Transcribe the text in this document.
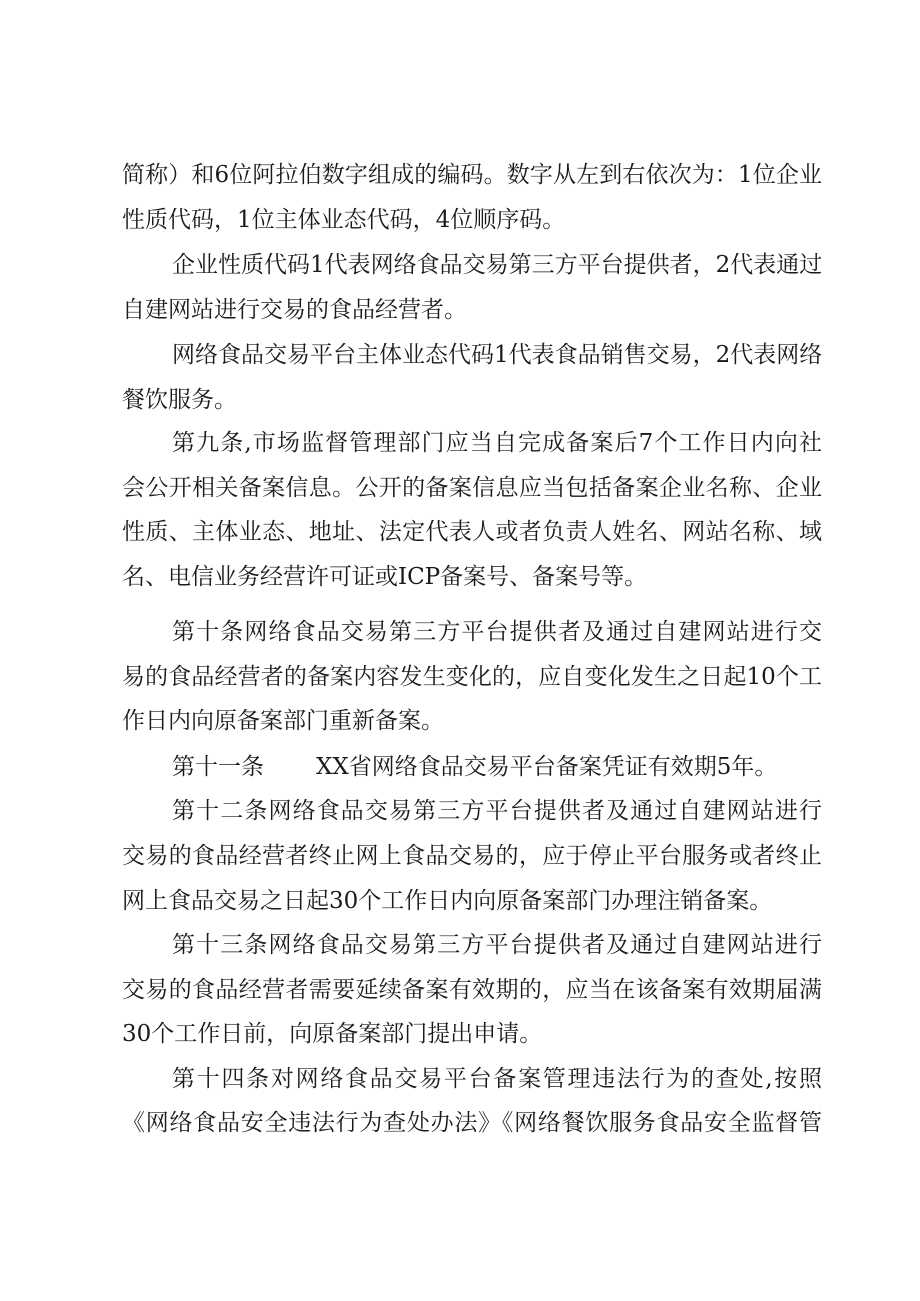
简称）和6位阿拉伯数字组成的编码。数字从左到右依次为：1位企业
性质代码，1位主体业态代码，4位顺序码。
企业性质代码1代表网络食品交易第三方平台提供者，2代表通过
自建网站进行交易的食品经营者。
网络食品交易平台主体业态代码1代表食品销售交易，2代表网络
餐饮服务。
第九条,市场监督管理部门应当自完成备案后7个工作日内向社
会公开相关备案信息。公开的备案信息应当包括备案企业名称、企业
性质、主体业态、地址、法定代表人或者负责人姓名、网站名称、域
名、电信业务经营许可证或ICP备案号、备案号等。
第十条网络食品交易第三方平台提供者及通过自建网站进行交
易的食品经营者的备案内容发生变化的，应自变化发生之日起10个工
作日内向原备案部门重新备案。
第十一条 XX省网络食品交易平台备案凭证有效期5年。
第十二条网络食品交易第三方平台提供者及通过自建网站进行
交易的食品经营者终止网上食品交易的，应于停止平台服务或者终止
网上食品交易之日起30个工作日内向原备案部门办理注销备案。
第十三条网络食品交易第三方平台提供者及通过自建网站进行
交易的食品经营者需要延续备案有效期的，应当在该备案有效期届满
30个工作日前，向原备案部门提出申请。
第十四条对网络食品交易平台备案管理违法行为的查处,按照
《网络食品安全违法行为查处办法》《网络餐饮服务食品安全监督管
